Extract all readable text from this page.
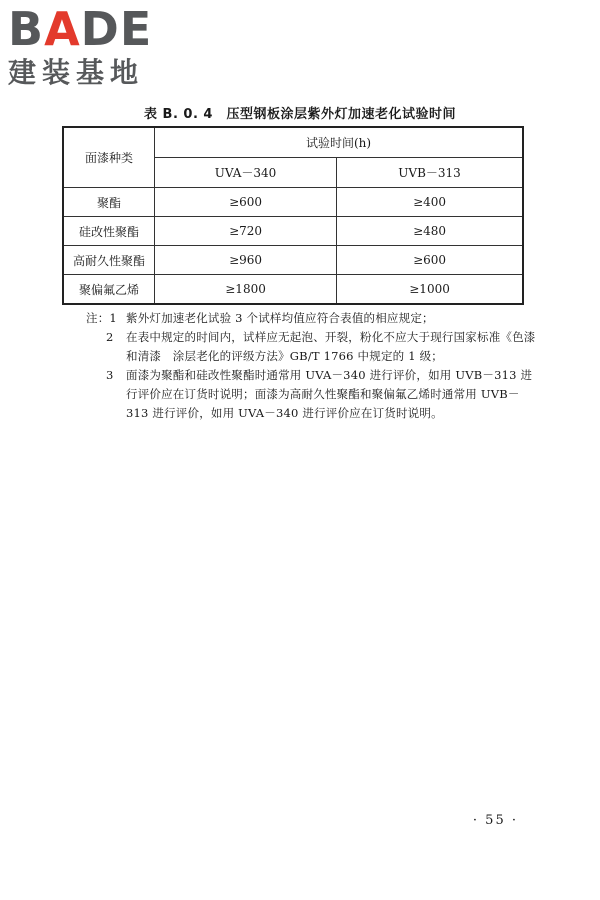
BADE
建装基地
表 B. 0. 4　压型钢板涂层紫外灯加速老化试验时间
面漆种类	试验时间(h)	
	UVA－340	UVB－313
聚酯	≥600	≥400
硅改性聚酯	≥720	≥480
高耐久性聚酯	≥960	≥600
聚偏氟乙烯	≥1800	≥1000
注：1 紫外灯加速老化试验 3 个试样均值应符合表值的相应规定；
2	在表中规定的时间内，试样应无起泡、开裂，粉化不应大于现行国家标准《色漆和清漆　涂层老化的评级方法》GB/T 1766 中规定的 1 级；
3	面漆为聚酯和硅改性聚酯时通常用 UVA－340 进行评价，如用 UVB－313 进行评价应在订货时说明；面漆为高耐久性聚酯和聚偏氟乙烯时通常用 UVB－313 进行评价，如用 UVA－340 进行评价应在订货时说明。
· 55 ·
